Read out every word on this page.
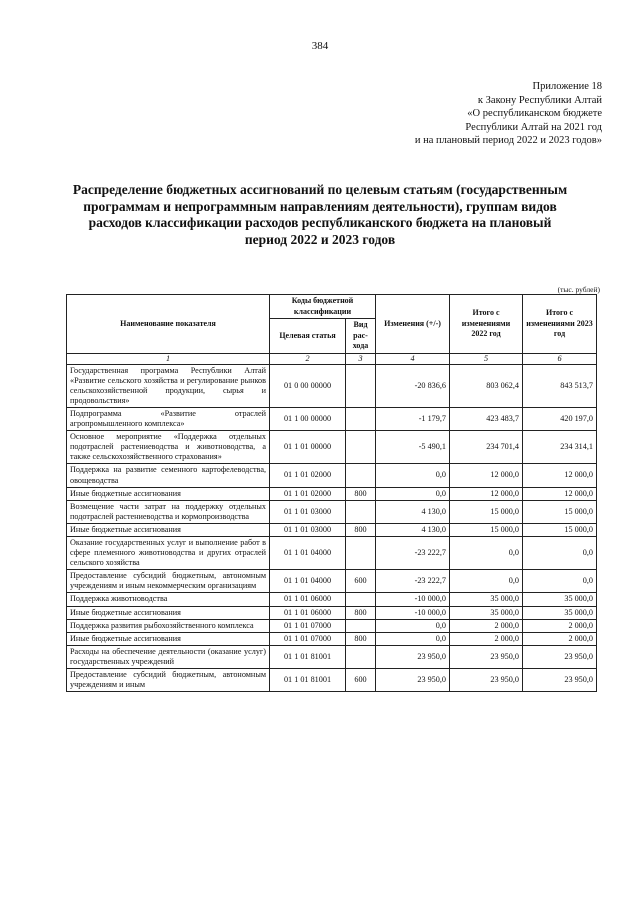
384
Приложение 18
к Закону Республики Алтай
«О республиканском бюджете
Республики Алтай на 2021 год
и на плановый период 2022 и 2023 годов»
Распределение бюджетных ассигнований по целевым статьям (государственным программам и непрограммным направлениям деятельности), группам видов расходов классификации расходов республиканского бюджета на плановый период 2022 и 2023 годов
(тыс. рублей)
Наименование показателя	Коды бюджетной классификации		Изменения (+/-)	Итого с изменениями 2022 год	Итого с изменениями 2023 год
	Целевая статья	Вид рас-хода			
1	2	3	4	5	6
Государственная программа Республики Алтай «Развитие сельского хозяйства и регулирование рынков сельскохозяйственной продукции, сырья и продовольствия»	01 0 00 00000		-20 836,6	803 062,4	843 513,7
Подпрограмма «Развитие отраслей агропромышленного комплекса»	01 1 00 00000		-1 179,7	423 483,7	420 197,0
Основное мероприятие «Поддержка отдельных подотраслей растениеводства и животноводства, а также сельскохозяйственного страхования»	01 1 01 00000		-5 490,1	234 701,4	234 314,1
Поддержка на развитие семенного картофелеводства, овощеводства	01 1 01 02000		0,0	12 000,0	12 000,0
Иные бюджетные ассигнования	01 1 01 02000	800	0,0	12 000,0	12 000,0
Возмещение части затрат на поддержку отдельных подотраслей растениеводства и кормопроизводства	01 1 01 03000		4 130,0	15 000,0	15 000,0
Иные бюджетные ассигнования	01 1 01 03000	800	4 130,0	15 000,0	15 000,0
Оказание государственных услуг и выполнение работ в сфере племенного животноводства и других отраслей сельского хозяйства	01 1 01 04000		-23 222,7	0,0	0,0
Предоставление субсидий бюджетным, автономным учреждениям и иным некоммерческим организациям	01 1 01 04000	600	-23 222,7	0,0	0,0
Поддержка животноводства	01 1 01 06000		-10 000,0	35 000,0	35 000,0
Иные бюджетные ассигнования	01 1 01 06000	800	-10 000,0	35 000,0	35 000,0
Поддержка развития рыбохозяйственного комплекса	01 1 01 07000		0,0	2 000,0	2 000,0
Иные бюджетные ассигнования	01 1 01 07000	800	0,0	2 000,0	2 000,0
Расходы на обеспечение деятельности (оказание услуг) государственных учреждений	01 1 01 81001		23 950,0	23 950,0	23 950,0
Предоставление субсидий бюджетным, автономным учреждениям и иным	01 1 01 81001	600	23 950,0	23 950,0	23 950,0
